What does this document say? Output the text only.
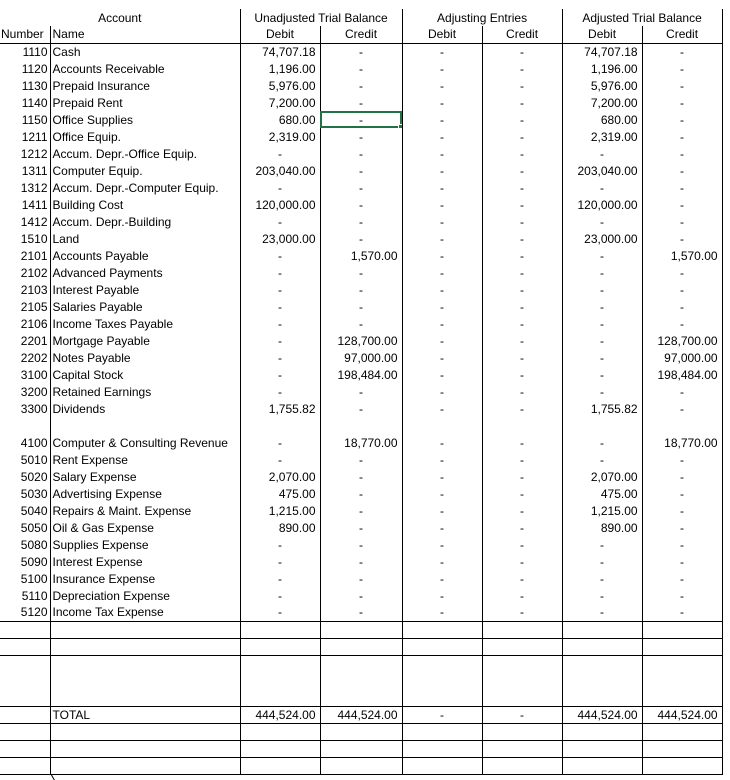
Account		Unadjusted Trial Balance		Adjusting Entries		Adjusted Trial Balance	
Number	Name	Debit	Credit	Debit	Credit	Debit	Credit
1110	Cash	74,707.18	-	-	-	74,707.18	-
1120	Accounts Receivable	1,196.00	-	-	-	1,196.00	-
1130	Prepaid Insurance	5,976.00	-	-	-	5,976.00	-
1140	Prepaid Rent	7,200.00	-	-	-	7,200.00	-
1150	Office Supplies	680.00	-	-	-	680.00	-
1211	Office Equip.	2,319.00	-	-	-	2,319.00	-
1212	Accum. Depr.-Office Equip.	-	-	-	-	-	-
1311	Computer Equip.	203,040.00	-	-	-	203,040.00	-
1312	Accum. Depr.-Computer Equip.	-	-	-	-	-	-
1411	Building Cost	120,000.00	-	-	-	120,000.00	-
1412	Accum. Depr.-Building	-	-	-	-	-	-
1510	Land	23,000.00	-	-	-	23,000.00	-
2101	Accounts Payable	-	1,570.00	-	-	-	1,570.00
2102	Advanced Payments	-	-	-	-	-	-
2103	Interest Payable	-	-	-	-	-	-
2105	Salaries Payable	-	-	-	-	-	-
2106	Income Taxes Payable	-	-	-	-	-	-
2201	Mortgage Payable	-	128,700.00	-	-	-	128,700.00
2202	Notes Payable	-	97,000.00	-	-	-	97,000.00
3100	Capital Stock	-	198,484.00	-	-	-	198,484.00
3200	Retained Earnings	-	-	-	-	-	-
3300	Dividends	1,755.82	-	-	-	1,755.82	-

4100	Computer & Consulting Revenue	-	18,770.00	-	-	-	18,770.00
5010	Rent Expense	-	-	-	-	-	-
5020	Salary Expense	2,070.00	-	-	-	2,070.00	-
5030	Advertising Expense	475.00	-	-	-	475.00	-
5040	Repairs & Maint. Expense	1,215.00	-	-	-	1,215.00	-
5050	Oil & Gas Expense	890.00	-	-	-	890.00	-
5080	Supplies Expense	-	-	-	-	-	-
5090	Interest Expense	-	-	-	-	-	-
5100	Insurance Expense	-	-	-	-	-	-
5110	Depreciation Expense	-	-	-	-	-	-
5120	Income Tax Expense	-	-	-	-	-	-

	TOTAL	444,524.00	444,524.00	-	-	444,524.00	444,524.00
